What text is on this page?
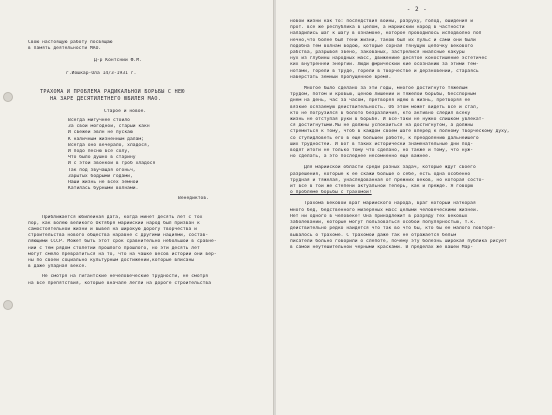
Свою настоящую работу посвящаю
в память деятельности МАО.
Д-р Контсний Ф.М.
г.Йошкар-Ола 14/3-1931 г.
ТРАХОМА И ПРОБЛЕМА РАДИКАЛЬНОЙ БОРЬБЫ С НЕЮ
НА ЗАРЕ ДЕСЯТИЛЕТНЕГО ЮБИЛЕЯ МАО.
Старое и новое.
Всегда мигучнее стоило
За свой могодной, старый какн
И свежей эвлн не пускаю
К наличным жизненным далам;
Всегда оно вечерало, хладося,
И подо песню всё солу,
Что было душно в старину
И с этой звонкой в гроб хладося
Так под звучащая огоньч,
Зарытых бодрыми годами,
Наши жизнь не всех земной
Катилась бурными волнами.
Венедиктов.
Приближается юбилейная дата, когда минет десять лет с тох
пор, как волею великого Октября марийский народ был призван к
самостоятельной жизни и вывел на широкую дорогу творчества и
строительства нового общества наравне с другими нациями, состав-
ляющими СССР. Может быть этот срок сравнительно небольшой в сравне-
нии с тем рядом столетий прошлого прошлого, но эти десять лет
могут смело превратиться на то, что на чашке весов истории они вер-
ны по своей социально культурным достижений,которые вписаны
в даже упадная вексе.
Не смотря на гигантские нечеловеческие трудности, не смотря
на все препятствия, которые вначале легли на дороге строительства
- 2 -
новой жизни как то: последствия войны, разруху, голод, ошидения и
прот. все же республика в целом, а марийский народ в частности
наладились шаг к шагу в ознамоне, которое проводилось исподволно поп
нечно,что более был тени жизни, такою был их пульс и сами они были
подобна тем волнам водою, которые сорная тянущую цепочку векового
рабства, разрывоя звено, закованых, застрелися ниалсные какуры
нух из глубины народных масс, движениие десятое коностишение эстетичес
ких внутренней энергии. Люди фмрический кие осознанию за этими тем-
нотами, горели в труде, горели в творчестве и дерзновении, стараясь
наверстать земныи пропущенное время.
Многое было сделано за эти годы, многое достигнуто тяжелым
трудом, потом и кровью, ценою лишений и тяжелой борьбы, бесспорным
днём на день, час за часом, претворяя идею в жизнь, претворяя ее
вязкие осязаемую действительность. Об этом может видеть все и стал,
кто не погрузился в болото безразличия, кто активно следил всеку
жизнь не отступая руки в борьбе. И всё-таки не нужно слишком увлекат-
ся достигнутыми.Мы не должны успокаиться на достигнутом, а должны
стремиться к тому, чтоб в каждом своем шаге вперед к полному творческому духу,
со ступидловеть его в еще большей работе, к преодолению дальнейшего
ших трудностей. И вот в таких исторически знаменательные дни под-
водят итоги не только тому что сделано, но также и тому, что нуж-
но сделать, а это последнее несомненно еще важнее.
Для марийской области среди разных задач, которые ждут своего
разрешения, которые к ее скажи больше о себе, есть одна особенно
трудная и тяжелая, унаследованная от прежних веков, но которая состо-
ит все в той же степени актуальной теперь, как и прежде. Я говорю
о проблеме борьбы с трахомой!
Трахома вековой враг марийского народа, враг который наткорая
много бед, бедственного мизеряных масс целыми человеческими жизней.
Нет ни одного в человеке! Она принадлежит в разряду тех вековых
заболеваний, которые могут пользоваться особой популярностью, т.к.
действительно редко найдется что так во что бы, кто бы ее малого повторя-
вывалось о трахоме. С трахомой даже так не отражается бельм
писатели больно говорили о слепоте, почему эту болезнь широкая публика рисует
в самой неутешительной черными красками. В пределах же вашей Мар-
